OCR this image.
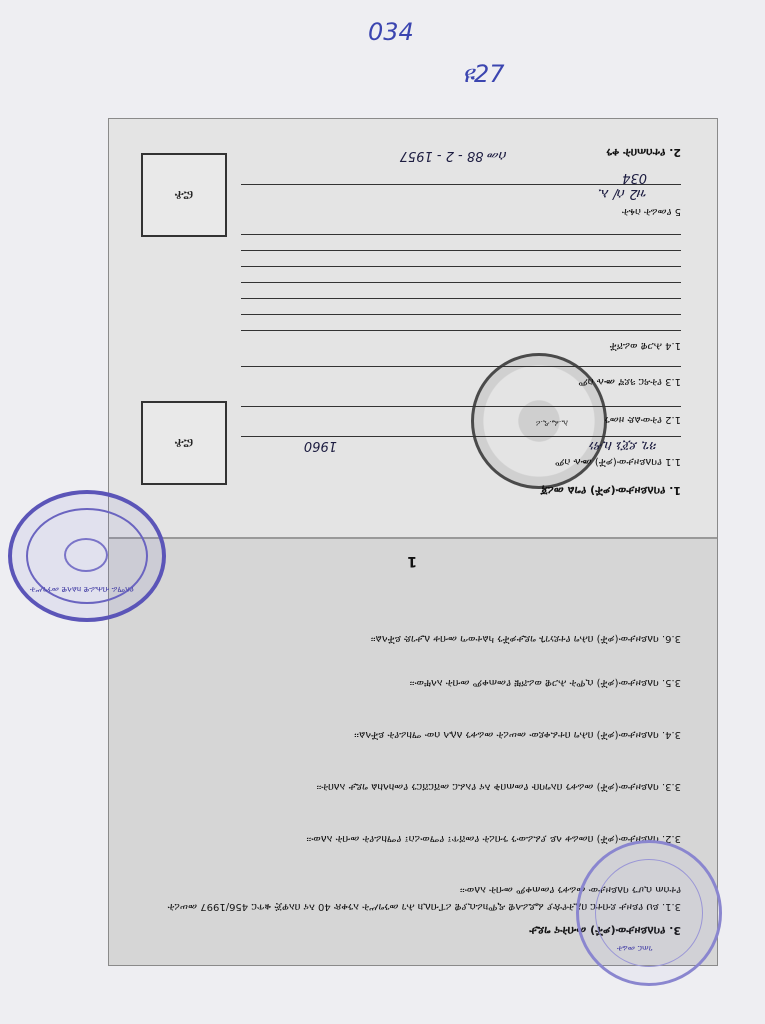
034
ዩ27
ፎቶ
ፎቶ
ኢ.ፌ.ዲ.ሪ
1. የባለይዞታው(ዎች) የግል መረጃ
1.1 የባለይዞታው(ዎች) ሙሉ ስም
ጓጊ ደጀኔ ኪዳነ
1960
1.2 የትውልድ ዘመን
1.3 የትዳር ጓደኛ ሙሉ ስም
1.4 ሕጋዊ ወራሾች
5 የመሬት ስፋት
ዝ2 ሰ/ ኢ
034
2. የተሰጠበት ቀን
ሰመ 88 - 2 - 1957
3. የባለይዞታው(ዎች) መብትና ግዴታ
3.1. ይህ የይዞታ ደብተር በኢትዮጵያ ፌዴራላዊ ዲሞክራሲያዊ ሪፐብሊክ ሕገ መንግሥት አንቀጽ 40 እና በአዋጅ ቁጥር 456/1997 መሠረት የተሰጠ ሲሆን ባለይዞታው መሬቱን የመጠቀም መብት አለው።
3.2. ባለይዞታው(ዎች) በመሬቱ ላይ ያፈራውን ንብረት የመሸጥ፣ የማውረስ፣ የማከራየት መብት አለው።
3.3. ባለይዞታው(ዎች) መሬቱን በአግባቡ የመጠበቅ እና የአፈር መሸርሸርን የመከላከል ግዴታ አለበት።
3.4. ባለይዞታው(ዎች) በሕግ በተፈቀደው መሠረት መሬቱን ለሌላ ሰው ማከራየት ይችላል።
3.5. ባለይዞታው(ዎች) ሲሞት ሕጋዊ ወራሾቹ የመጠቀም መብት አላቸው።
3.6. ባለይዞታው(ዎች) በሕግ የተደነገጉ ግዴታዎችን ካልተወጣ መብቱ ሊታገድ ይችላል።
1
የአማራ ብሔራዊ ክልላዊ መንግሥት
ገጠር መሬት
